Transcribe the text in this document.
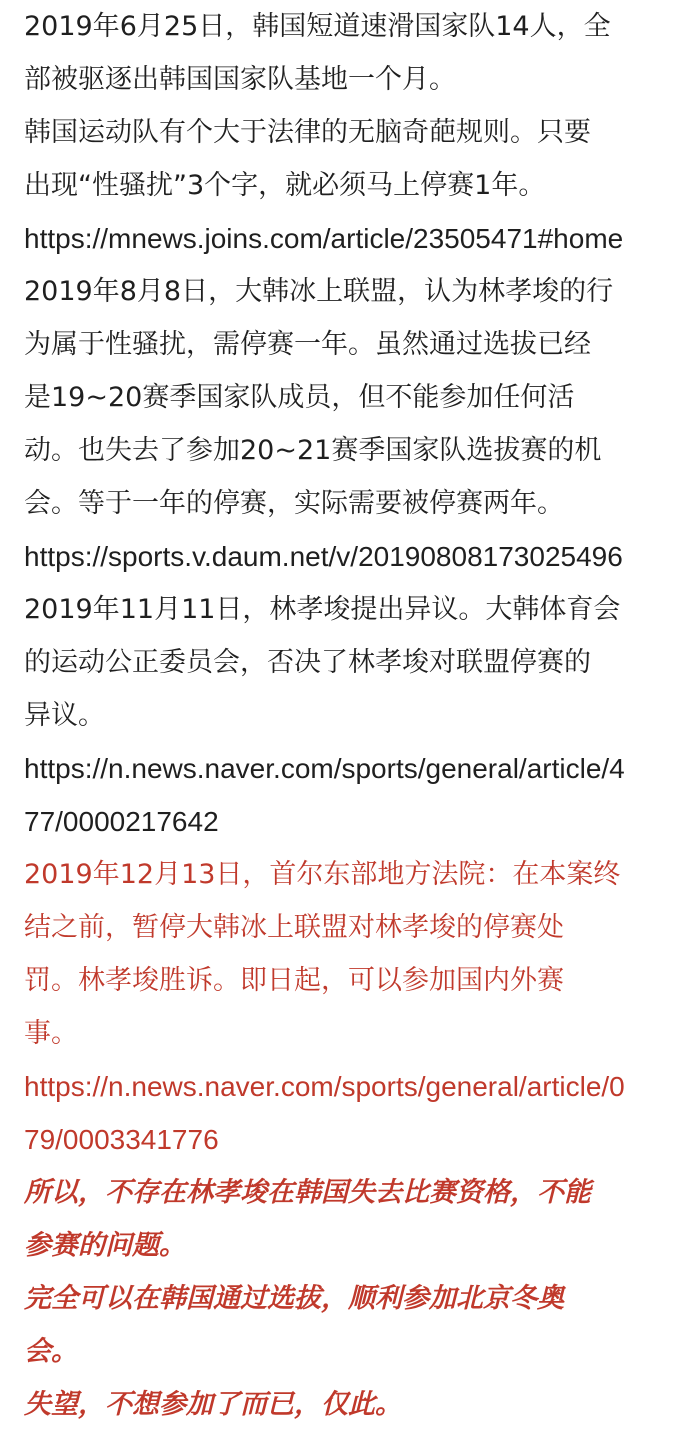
2019年6月25日，韩国短道速滑国家队14人，全
部被驱逐出韩国国家队基地一个月。
韩国运动队有个大于法律的无脑奇葩规则。只要
出现“性骚扰”3个字，就必须马上停赛1年。
https://mnews.joins.com/article/23505471#home
2019年8月8日，大韩冰上联盟，认为林孝埈的行
为属于性骚扰，需停赛一年。虽然通过选拔已经
是19~20赛季国家队成员，但不能参加任何活
动。也失去了参加20~21赛季国家队选拔赛的机
会。等于一年的停赛，实际需要被停赛两年。
https://sports.v.daum.net/v/20190808173025496
2019年11月11日，林孝埈提出异议。大韩体育会
的运动公正委员会，否决了林孝埈对联盟停赛的
异议。
https://n.news.naver.com/sports/general/article/4
77/0000217642
2019年12月13日，首尔东部地方法院：在本案终
结之前，暂停大韩冰上联盟对林孝埈的停赛处
罚。林孝埈胜诉。即日起，可以参加国内外赛
事。
https://n.news.naver.com/sports/general/article/0
79/0003341776
所以，不存在林孝埈在韩国失去比赛资格，不能
参赛的问题。
完全可以在韩国通过选拔，顺利参加北京冬奥
会。
失望，不想参加了而已，仅此。
